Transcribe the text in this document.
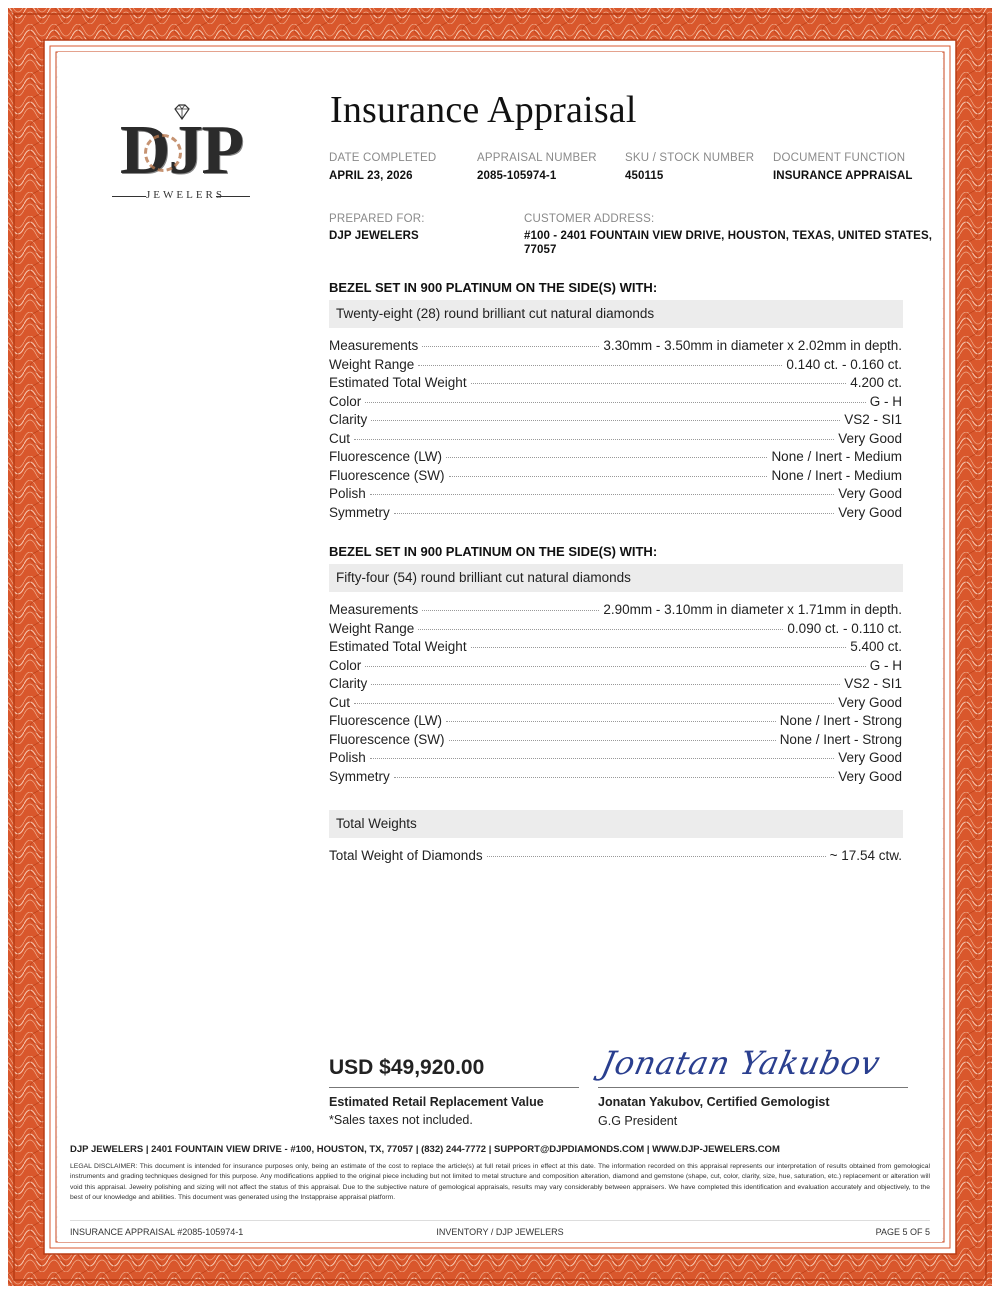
DJP
JEWELERS
Insurance Appraisal
DATE COMPLETED
APRIL 23, 2026
APPRAISAL NUMBER
2085-105974-1
SKU / STOCK NUMBER
450115
DOCUMENT FUNCTION
INSURANCE APPRAISAL
PREPARED FOR:
DJP JEWELERS
CUSTOMER ADDRESS:
#100 - 2401 FOUNTAIN VIEW DRIVE, HOUSTON, TEXAS, UNITED STATES,
77057
BEZEL SET IN 900 PLATINUM ON THE SIDE(S) WITH:
Twenty-eight (28) round brilliant cut natural diamonds
Measurements	3.30mm - 3.50mm in diameter x 2.02mm in depth.
Weight Range	0.140 ct. - 0.160 ct.
Estimated Total Weight	4.200 ct.
Color	G - H
Clarity	VS2 - SI1
Cut	Very Good
Fluorescence (LW)	None / Inert - Medium
Fluorescence (SW)	None / Inert - Medium
Polish	Very Good
Symmetry	Very Good
BEZEL SET IN 900 PLATINUM ON THE SIDE(S) WITH:
Fifty-four (54) round brilliant cut natural diamonds
Measurements	2.90mm - 3.10mm in diameter x 1.71mm in depth.
Weight Range	0.090 ct. - 0.110 ct.
Estimated Total Weight	5.400 ct.
Color	G - H
Clarity	VS2 - SI1
Cut	Very Good
Fluorescence (LW)	None / Inert - Strong
Fluorescence (SW)	None / Inert - Strong
Polish	Very Good
Symmetry	Very Good
Total Weights
Total Weight of Diamonds	~ 17.54 ctw.
USD $49,920.00
Estimated Retail Replacement Value
*Sales taxes not included.
Jonatan Yakubov
Jonatan Yakubov, Certified Gemologist
G.G President
DJP JEWELERS | 2401 FOUNTAIN VIEW DRIVE - #100, HOUSTON, TX, 77057 | (832) 244-7772 | SUPPORT@DJPDIAMONDS.COM | WWW.DJP-JEWELERS.COM
LEGAL DISCLAIMER: This document is intended for insurance purposes only, being an estimate of the cost to replace the article(s) at full retail prices in effect at this date. The information recorded on this appraisal represents our interpretation of results obtained from gemological instruments and grading techniques designed for this purpose. Any modifications applied to the original piece including but not limited to metal structure and composition alteration, diamond and gemstone (shape, cut, color, clarity, size, hue, saturation, etc.) replacement or alteration will void this appraisal. Jewelry polishing and sizing will not affect the status of this appraisal. Due to the subjective nature of gemological appraisals, results may vary considerably between appraisers. We have completed this identification and evaluation accurately and objectively, to the best of our knowledge and abilities. This document was generated using the Instappraise appraisal platform.
INSURANCE APPRAISAL #2085-105974-1	INVENTORY / DJP JEWELERS	PAGE 5 OF 5
